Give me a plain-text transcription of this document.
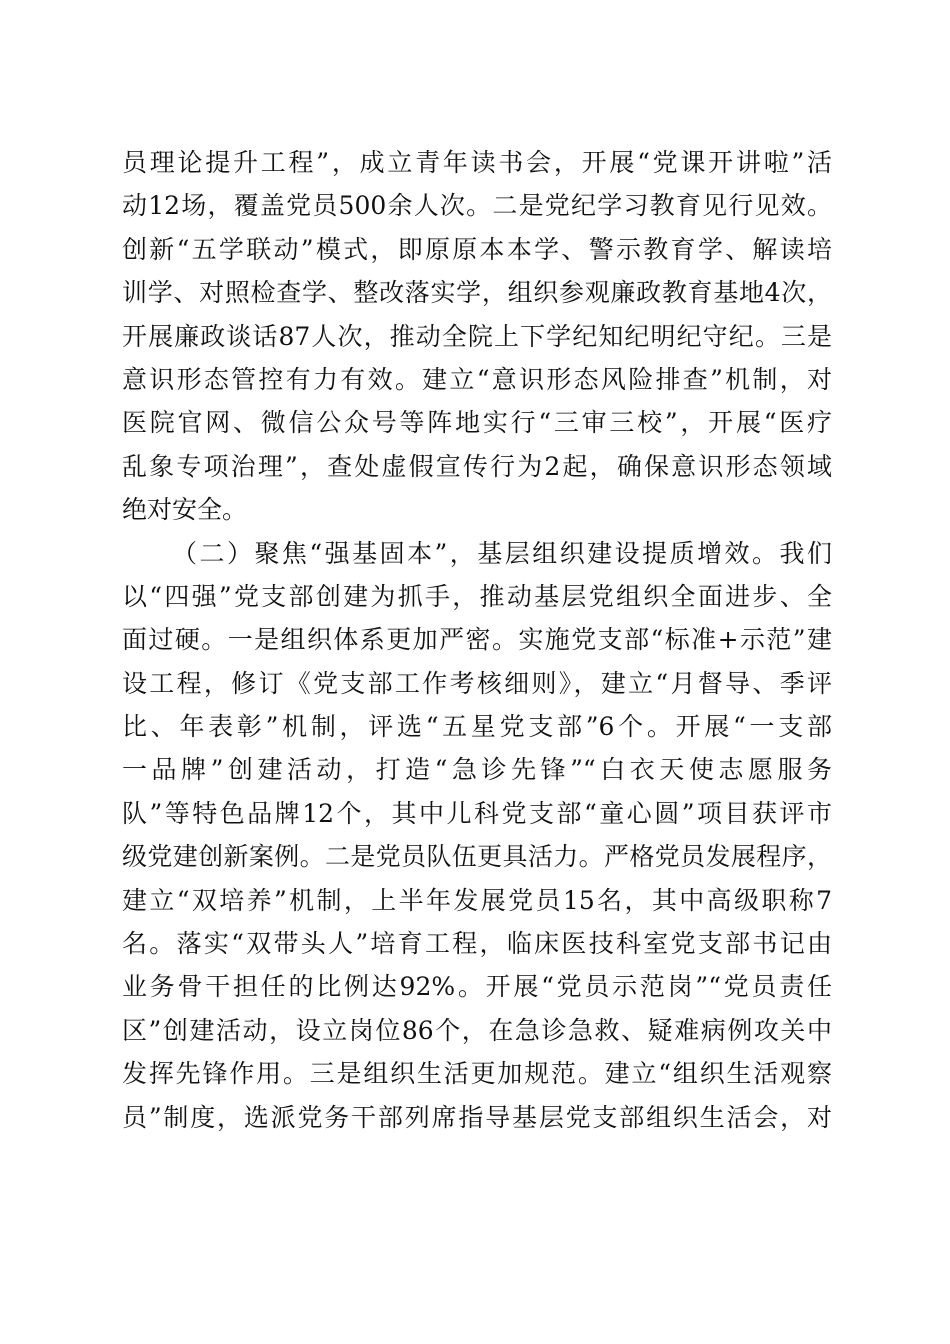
员理论提升工程”，成立青年读书会，开展“党课开讲啦”活
动12场，覆盖党员500余人次。二是党纪学习教育见行见效。
创新“五学联动”模式，即原原本本学、警示教育学、解读培
训学、对照检查学、整改落实学，组织参观廉政教育基地4次，
开展廉政谈话87人次，推动全院上下学纪知纪明纪守纪。三是
意识形态管控有力有效。建立“意识形态风险排查”机制，对
医院官网、微信公众号等阵地实行“三审三校”，开展“医疗
乱象专项治理”，查处虚假宣传行为2起，确保意识形态领域
绝对安全。
（二）聚焦“强基固本”，基层组织建设提质增效。我们
以“四强”党支部创建为抓手，推动基层党组织全面进步、全
面过硬。一是组织体系更加严密。实施党支部“标准+示范”建
设工程，修订《党支部工作考核细则》，建立“月督导、季评
比、年表彰”机制，评选“五星党支部”6个。开展“一支部
一品牌”创建活动，打造“急诊先锋”“白衣天使志愿服务
队”等特色品牌12个，其中儿科党支部“童心圆”项目获评市
级党建创新案例。二是党员队伍更具活力。严格党员发展程序，
建立“双培养”机制，上半年发展党员15名，其中高级职称7
名。落实“双带头人”培育工程，临床医技科室党支部书记由
业务骨干担任的比例达92%。开展“党员示范岗”“党员责任
区”创建活动，设立岗位86个，在急诊急救、疑难病例攻关中
发挥先锋作用。三是组织生活更加规范。建立“组织生活观察
员”制度，选派党务干部列席指导基层党支部组织生活会，对
